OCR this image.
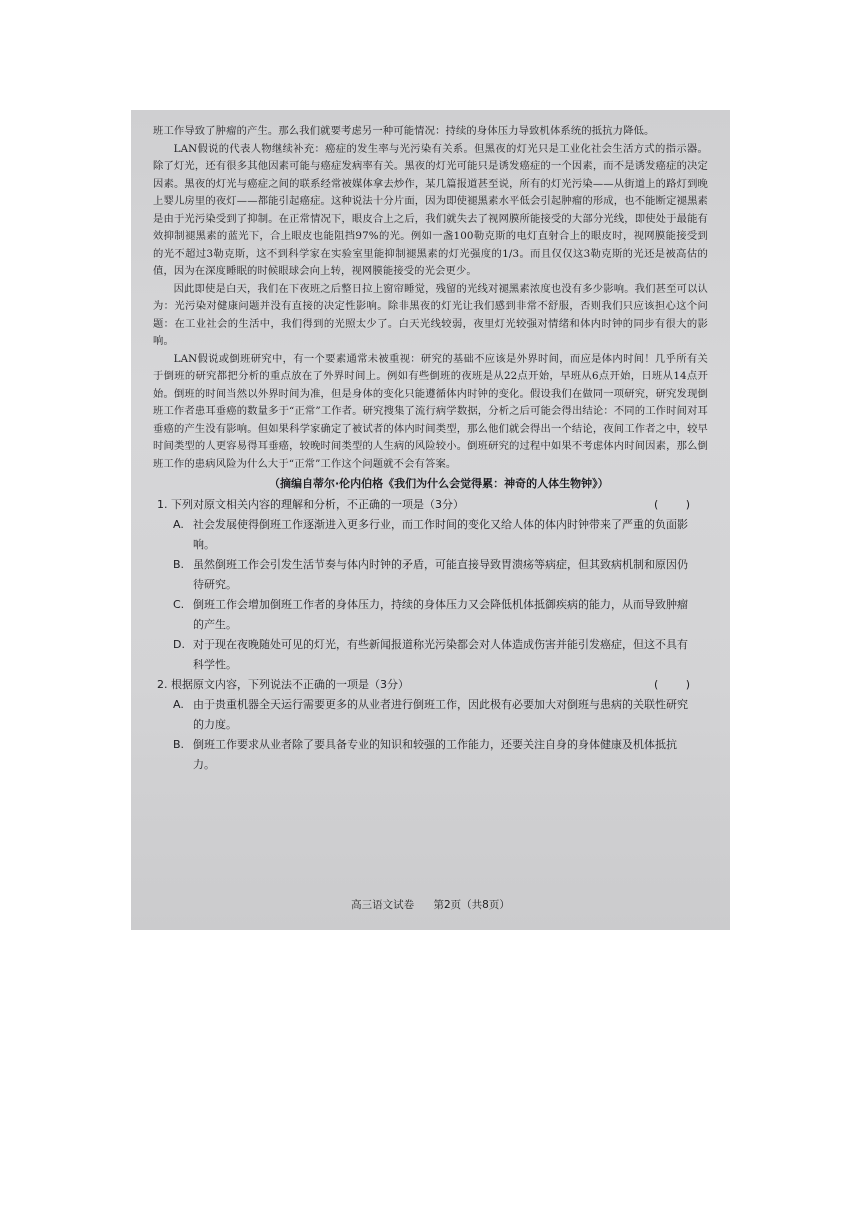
班工作导致了肿瘤的产生。那么我们就要考虑另一种可能情况：持续的身体压力导致机体系统的抵抗力降低。

LAN假说的代表人物继续补充：癌症的发生率与光污染有关系。但黑夜的灯光只是工业化社会生活方式的指示器。除了灯光，还有很多其他因素可能与癌症发病率有关。黑夜的灯光可能只是诱发癌症的一个因素，而不是诱发癌症的决定因素。黑夜的灯光与癌症之间的联系经常被媒体拿去炒作，某几篇报道甚至说，所有的灯光污染——从街道上的路灯到晚上婴儿房里的夜灯——都能引起癌症。这种说法十分片面，因为即使褪黑素水平低会引起肿瘤的形成，也不能断定褪黑素是由于光污染受到了抑制。在正常情况下，眼皮合上之后，我们就失去了视网膜所能接受的大部分光线，即使处于最能有效抑制褪黑素的蓝光下，合上眼皮也能阻挡97%的光。例如一盏100勒克斯的电灯直射合上的眼皮时，视网膜能接受到的光不超过3勒克斯，这不到科学家在实验室里能抑制褪黑素的灯光强度的1/3。而且仅仅这3勒克斯的光还是被高估的值，因为在深度睡眠的时候眼球会向上转，视网膜能接受的光会更少。

因此即使是白天，我们在下夜班之后整日拉上窗帘睡觉，残留的光线对褪黑素浓度也没有多少影响。我们甚至可以认为：光污染对健康问题并没有直接的决定性影响。除非黑夜的灯光让我们感到非常不舒服，否则我们只应该担心这个问题：在工业社会的生活中，我们得到的光照太少了。白天光线较弱，夜里灯光较强对情绪和体内时钟的同步有很大的影响。

LAN假说或倒班研究中，有一个要素通常未被重视：研究的基础不应该是外界时间，而应是体内时间！几乎所有关于倒班的研究都把分析的重点放在了外界时间上。例如有些倒班的夜班是从22点开始，早班从6点开始，日班从14点开始。倒班的时间当然以外界时间为准，但是身体的变化只能遵循体内时钟的变化。假设我们在做同一项研究，研究发现倒班工作者患耳垂癌的数量多于“正常”工作者。研究搜集了流行病学数据，分析之后可能会得出结论：不同的工作时间对耳垂癌的产生没有影响。但如果科学家确定了被试者的体内时间类型，那么他们就会得出一个结论，夜间工作者之中，较早时间类型的人更容易得耳垂癌，较晚时间类型的人生病的风险较小。倒班研究的过程中如果不考虑体内时间因素，那么倒班工作的患病风险为什么大于“正常”工作这个问题就不会有答案。

（摘编自蒂尔·伦内伯格《我们为什么会觉得累：神奇的人体生物钟》）
1. 下列对原文相关内容的理解和分析，不正确的一项是（3分）	( )
A. 社会发展使得倒班工作逐渐进入更多行业，而工作时间的变化又给人体的体内时钟带来了严重的负面影响。
B. 虽然倒班工作会引发生活节奏与体内时钟的矛盾，可能直接导致胃溃疡等病症，但其致病机制和原因仍待研究。
C. 倒班工作会增加倒班工作者的身体压力，持续的身体压力又会降低机体抵御疾病的能力，从而导致肿瘤的产生。
D. 对于现在夜晚随处可见的灯光，有些新闻报道称光污染都会对人体造成伤害并能引发癌症，但这不具有科学性。
2. 根据原文内容，下列说法不正确的一项是（3分）	( )
A. 由于贵重机器全天运行需要更多的从业者进行倒班工作，因此极有必要加大对倒班与患病的关联性研究的力度。
B. 倒班工作要求从业者除了要具备专业的知识和较强的工作能力，还要关注自身的身体健康及机体抵抗力。
高三语文试卷 第2页（共8页）
